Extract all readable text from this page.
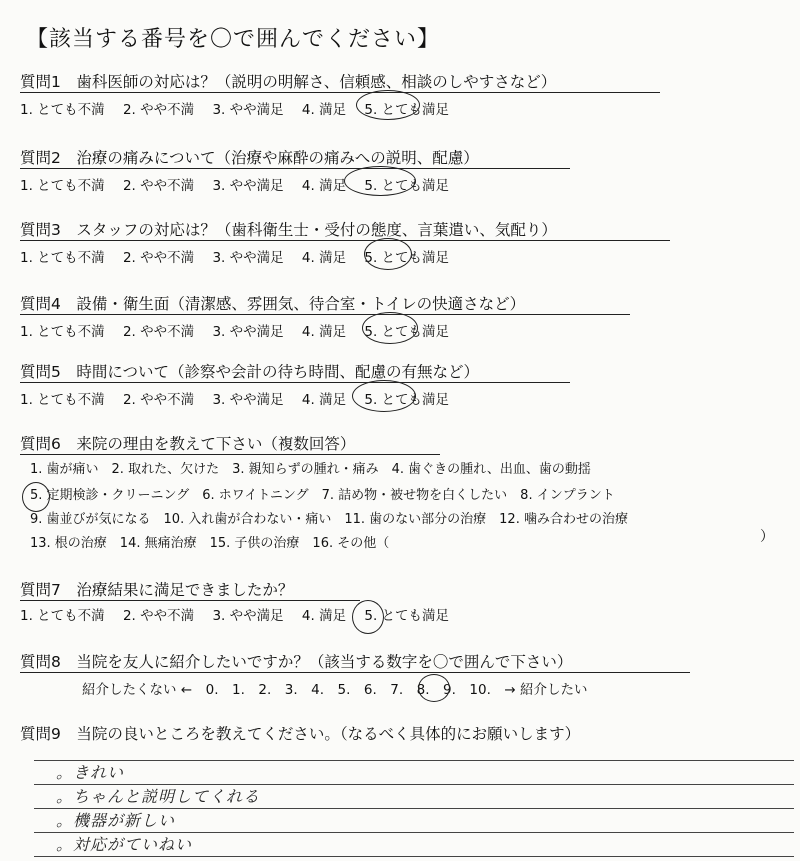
【該当する番号を〇で囲んでください】
質問1　歯科医師の対応は？（説明の明解さ、信頼感、相談のしやすさなど）
1. とても不満 2. やや不満 3. やや満足 4. 満足 5. とても満足
質問2　治療の痛みについて（治療や麻酔の痛みへの説明、配慮）
1. とても不満 2. やや不満 3. やや満足 4. 満足 5. とても満足
質問3　スタッフの対応は？（歯科衛生士・受付の態度、言葉遣い、気配り）
1. とても不満 2. やや不満 3. やや満足 4. 満足 5. とても満足
質問4　設備・衛生面（清潔感、雰囲気、待合室・トイレの快適さなど）
1. とても不満 2. やや不満 3. やや満足 4. 満足 5. とても満足
質問5　時間について（診察や会計の待ち時間、配慮の有無など）
1. とても不満 2. やや不満 3. やや満足 4. 満足 5. とても満足
質問6　来院の理由を教えて下さい（複数回答）
1. 歯が痛い　2. 取れた、欠けた　3. 親知らずの腫れ・痛み　4. 歯ぐきの腫れ、出血、歯の動揺
5. 定期検診・クリーニング　6. ホワイトニング　7. 詰め物・被せ物を白くしたい　8. インプラント
9. 歯並びが気になる　10. 入れ歯が合わない・痛い　11. 歯のない部分の治療　12. 噛み合わせの治療
13. 根の治療　14. 無痛治療　15. 子供の治療　16. その他（	）
質問7　治療結果に満足できましたか？
1. とても不満 2. やや不満 3. やや満足 4. 満足 5. とても満足
質問8　当院を友人に紹介したいですか？（該当する数字を〇で囲んで下さい）
紹介したくない ←　0.　1.　2.　3.　4.　5.　6.　7.　8.　9.　10.　→ 紹介したい
質問9　当院の良いところを教えてください。（なるべく具体的にお願いします）
。きれい
。ちゃんと説明してくれる
。機器が新しい
。対応がていねい
